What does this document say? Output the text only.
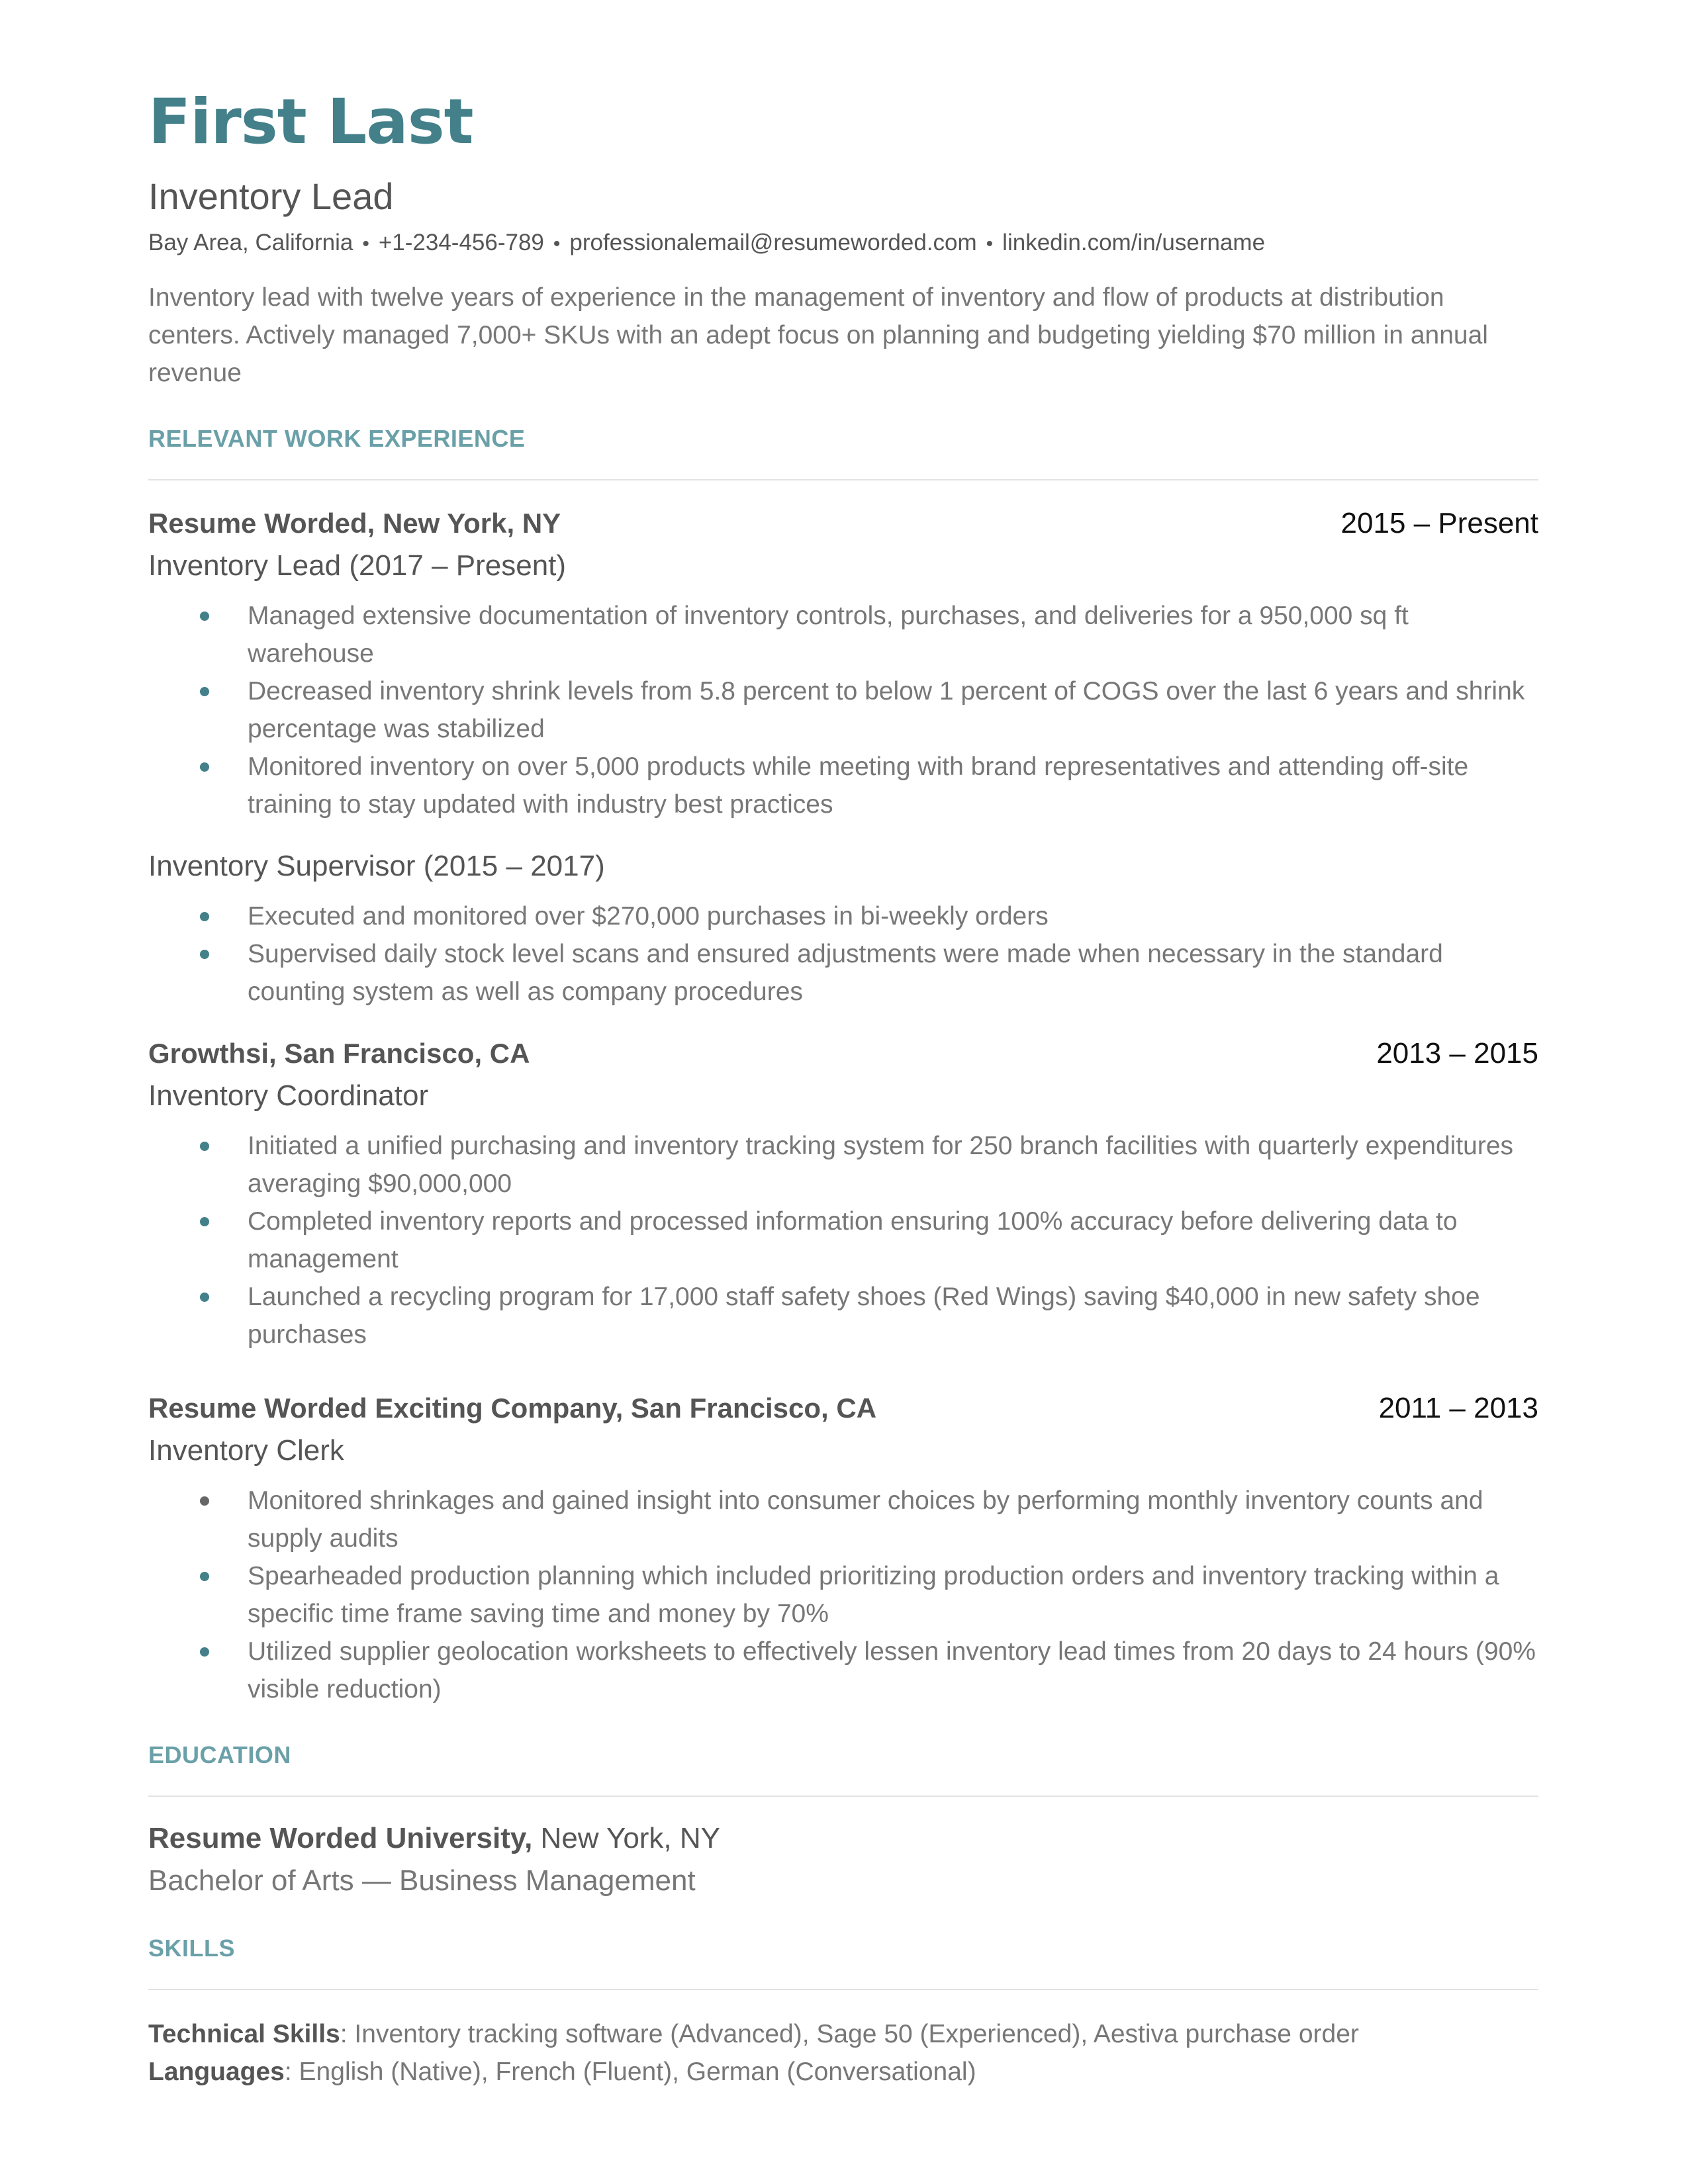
First Last
Inventory Lead
Bay Area, California • +1-234-456-789 • professionalemail@resumeworded.com • linkedin.com/in/username
Inventory lead with twelve years of experience in the management of inventory and flow of products at distribution centers. Actively managed 7,000+ SKUs with an adept focus on planning and budgeting yielding $70 million in annual revenue
RELEVANT WORK EXPERIENCE
Resume Worded, New York, NY	2015 – Present
Inventory Lead (2017 – Present)
Managed extensive documentation of inventory controls, purchases, and deliveries for a 950,000 sq ft warehouse
Decreased inventory shrink levels from 5.8 percent to below 1 percent of COGS over the last 6 years and shrink percentage was stabilized
Monitored inventory on over 5,000 products while meeting with brand representatives and attending off-site training to stay updated with industry best practices
Inventory Supervisor (2015 – 2017)
Executed and monitored over $270,000 purchases in bi-weekly orders
Supervised daily stock level scans and ensured adjustments were made when necessary in the standard counting system as well as company procedures
Growthsi, San Francisco, CA	2013 – 2015
Inventory Coordinator
Initiated a unified purchasing and inventory tracking system for 250 branch facilities with quarterly expenditures averaging $90,000,000
Completed inventory reports and processed information ensuring 100% accuracy before delivering data to management
Launched a recycling program for 17,000 staff safety shoes (Red Wings) saving $40,000 in new safety shoe purchases
Resume Worded Exciting Company, San Francisco, CA	2011 – 2013
Inventory Clerk
Monitored shrinkages and gained insight into consumer choices by performing monthly inventory counts and supply audits
Spearheaded production planning which included prioritizing production orders and inventory tracking within a specific time frame saving time and money by 70%
Utilized supplier geolocation worksheets to effectively lessen inventory lead times from 20 days to 24 hours (90% visible reduction)
EDUCATION
Resume Worded University, New York, NY
Bachelor of Arts — Business Management
SKILLS
Technical Skills: Inventory tracking software (Advanced), Sage 50 (Experienced), Aestiva purchase order
Languages: English (Native), French (Fluent), German (Conversational)
